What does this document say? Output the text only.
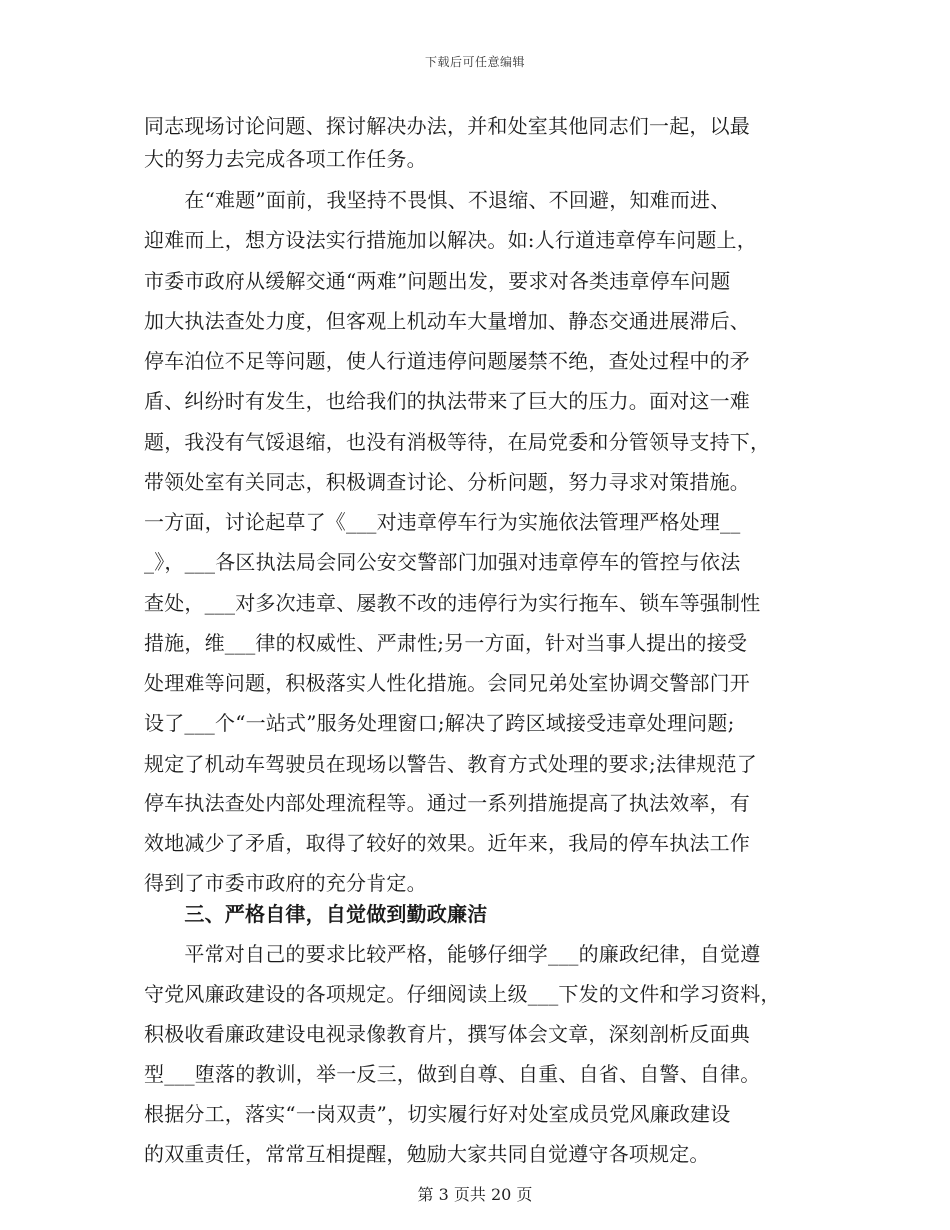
下载后可任意编辑
同志现场讨论问题、探讨解决办法，并和处室其他同志们一起，以最
大的努力去完成各项工作任务。
　　在“难题”面前，我坚持不畏惧、不退缩、不回避，知难而进、
迎难而上，想方设法实行措施加以解决。如:人行道违章停车问题上，
市委市政府从缓解交通“两难”问题出发，要求对各类违章停车问题
加大执法查处力度，但客观上机动车大量增加、静态交通进展滞后、
停车泊位不足等问题，使人行道违停问题屡禁不绝，查处过程中的矛
盾、纠纷时有发生，也给我们的执法带来了巨大的压力。面对这一难
题，我没有气馁退缩，也没有消极等待，在局党委和分管领导支持下，
带领处室有关同志，积极调查讨论、分析问题，努力寻求对策措施。
一方面，讨论起草了《___对违章停车行为实施依法管理严格处理__
_》，___各区执法局会同公安交警部门加强对违章停车的管控与依法
查处，___对多次违章、屡教不改的违停行为实行拖车、锁车等强制性
措施，维___律的权威性、严肃性;另一方面，针对当事人提出的接受
处理难等问题，积极落实人性化措施。会同兄弟处室协调交警部门开
设了___个“一站式”服务处理窗口;解决了跨区域接受违章处理问题;
规定了机动车驾驶员在现场以警告、教育方式处理的要求;法律规范了
停车执法查处内部处理流程等。通过一系列措施提高了执法效率，有
效地减少了矛盾，取得了较好的效果。近年来，我局的停车执法工作
得到了市委市政府的充分肯定。
　　三、严格自律，自觉做到勤政廉洁
　　平常对自己的要求比较严格，能够仔细学___的廉政纪律，自觉遵
守党风廉政建设的各项规定。仔细阅读上级___下发的文件和学习资料，
积极收看廉政建设电视录像教育片，撰写体会文章，深刻剖析反面典
型___堕落的教训，举一反三，做到自尊、自重、自省、自警、自律。
根据分工，落实“一岗双责”，切实履行好对处室成员党风廉政建设
的双重责任，常常互相提醒，勉励大家共同自觉遵守各项规定。
第 3 页共 20 页
